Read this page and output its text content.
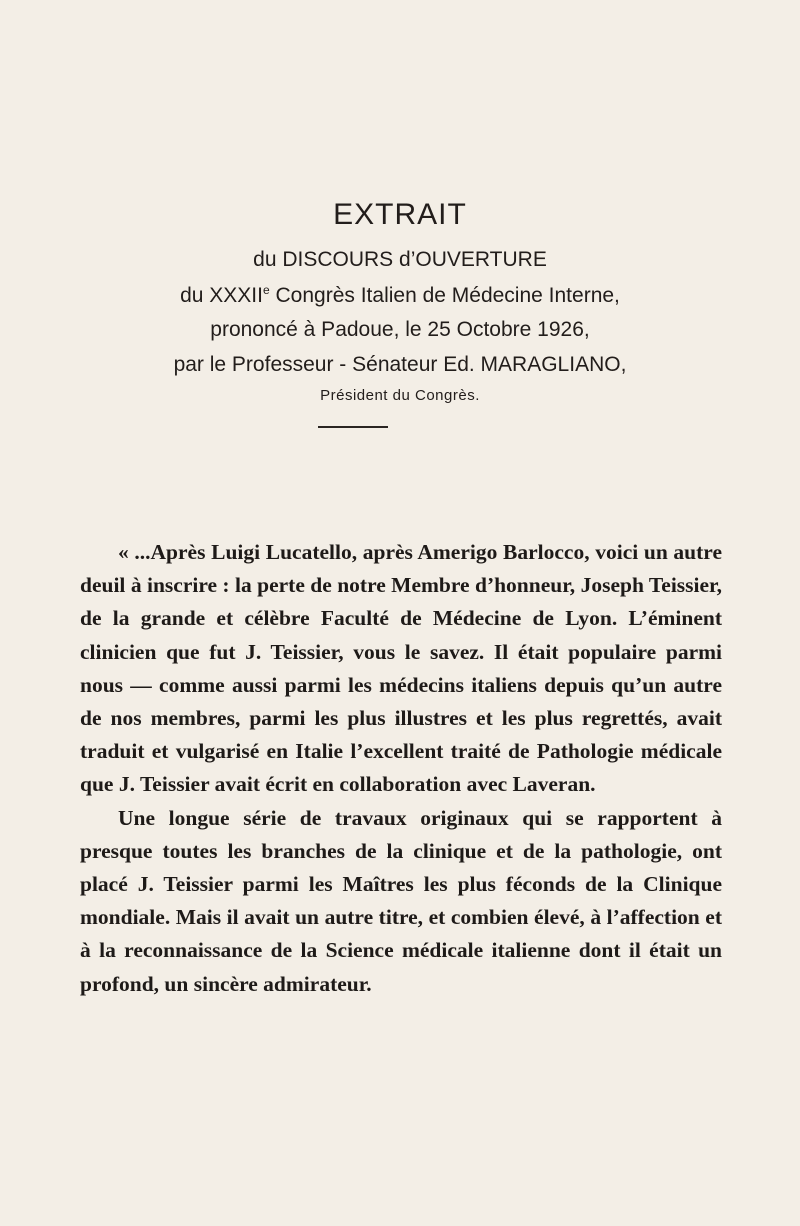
EXTRAIT
du DISCOURS d’OUVERTURE
du XXXIIe Congrès Italien de Médecine Interne,
prononcé à Padoue, le 25 Octobre 1926,
par le Professeur - Sénateur Ed. MARAGLIANO,
Président du Congrès.

« ...Après Luigi Lucatello, après Amerigo Barlocco, voici un autre deuil à inscrire : la perte de notre Membre d’honneur, Joseph Teissier, de la grande et célèbre Faculté de Médecine de Lyon. L’éminent clinicien que fut J. Teissier, vous le savez. Il était populaire parmi nous — comme aussi parmi les médecins italiens depuis qu’un autre de nos membres, parmi les plus illustres et les plus regrettés, avait traduit et vulgarisé en Italie l’excellent traité de Pathologie médicale que J. Teissier avait écrit en collaboration avec Laveran.

Une longue série de travaux originaux qui se rapportent à presque toutes les branches de la clinique et de la pathologie, ont placé J. Teissier parmi les Maîtres les plus féconds de la Clinique mondiale. Mais il avait un autre titre, et combien élevé, à l’affection et à la reconnaissance de la Science médicale italienne dont il était un profond, un sincère admirateur.
